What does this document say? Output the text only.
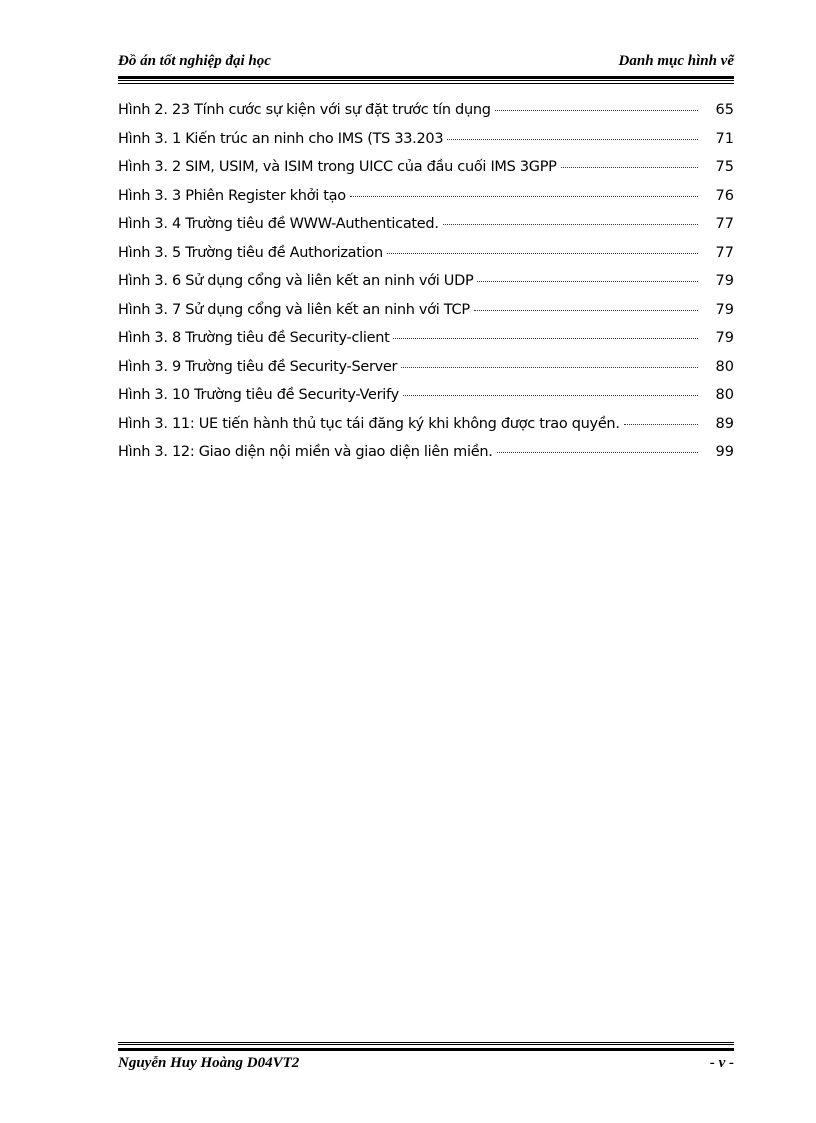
Đồ án tốt nghiệp đại học	Danh mục hình vẽ
Hình 2. 23 Tính cước sự kiện với sự đặt trước tín dụng	65
Hình 3. 1 Kiến trúc an ninh cho IMS (TS 33.203	71
Hình 3. 2 SIM, USIM, và ISIM trong UICC của đầu cuối IMS 3GPP	75
Hình 3. 3 Phiên Register khởi tạo	76
Hình 3. 4 Trường tiêu đề WWW-Authenticated.	77
Hình 3. 5 Trường tiêu đề Authorization	77
Hình 3. 6 Sử dụng cổng và liên kết an ninh với UDP	79
Hình 3. 7 Sử dụng cổng và liên kết an ninh với TCP	79
Hình 3. 8 Trường tiêu đề Security-client	79
Hình 3. 9 Trường tiêu đề Security-Server	80
Hình 3. 10 Trường tiêu đề Security-Verify	80
Hình 3. 11: UE tiến hành thủ tục tái đăng ký khi không được trao quyền.	89
Hình 3. 12: Giao diện nội miền và giao diện liên miền.	99
Nguyễn Huy Hoàng D04VT2	- v -
